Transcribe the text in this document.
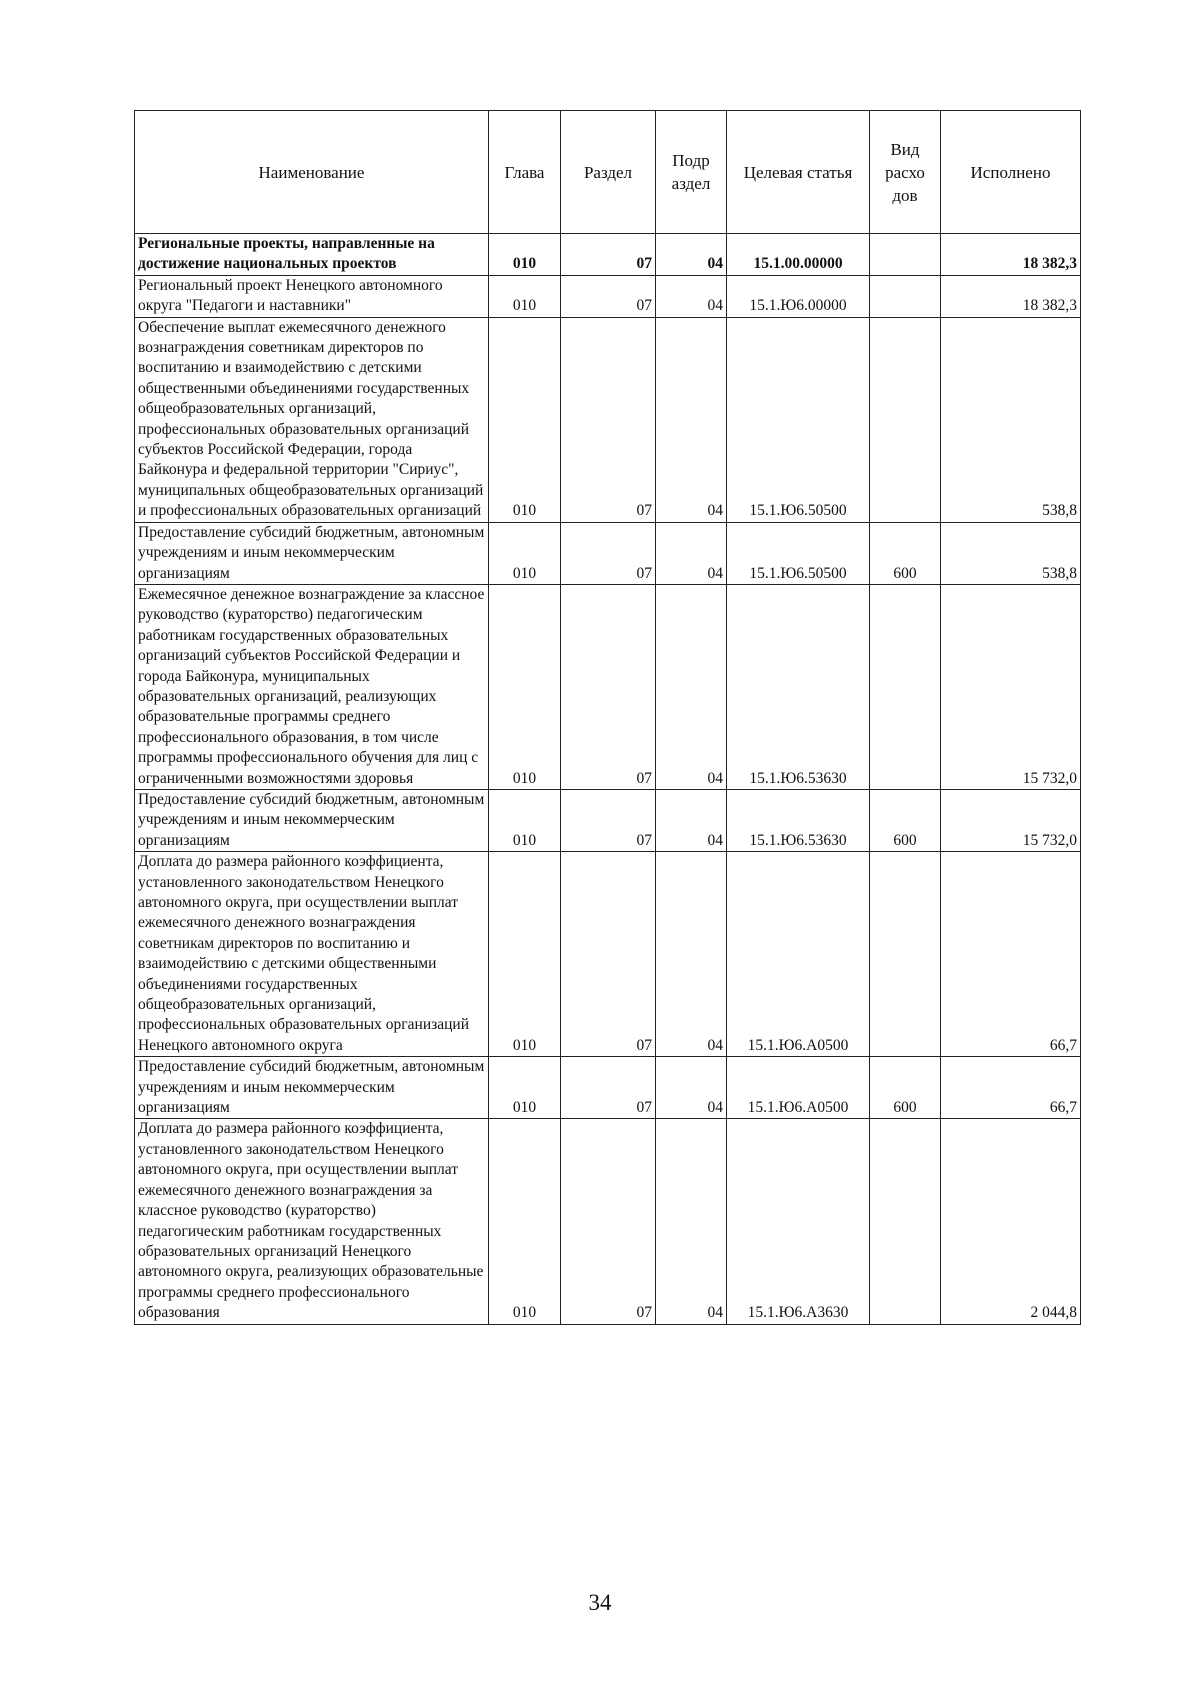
Наименование	Глава	Раздел	Подр аздел	Целевая статья	Вид расхо дов	Исполнено
Региональные проекты, направленные на достижение национальных проектов	010	07	04	15.1.00.00000		18 382,3
Региональный проект Ненецкого автономного округа "Педагоги и наставники"	010	07	04	15.1.Ю6.00000		18 382,3
Обеспечение выплат ежемесячного денежного вознаграждения советникам директоров по воспитанию и взаимодействию с детскими общественными объединениями государственных общеобразовательных организаций, профессиональных образовательных организаций субъектов Российской Федерации, города Байконура и федеральной территории "Сириус", муниципальных общеобразовательных организаций и профессиональных образовательных организаций	010	07	04	15.1.Ю6.50500		538,8
Предоставление субсидий бюджетным, автономным учреждениям и иным некоммерческим организациям	010	07	04	15.1.Ю6.50500	600	538,8
Ежемесячное денежное вознаграждение за классное руководство (кураторство) педагогическим работникам государственных образовательных организаций субъектов Российской Федерации и города Байконура, муниципальных образовательных организаций, реализующих образовательные программы среднего профессионального образования, в том числе программы профессионального обучения для лиц с ограниченными возможностями здоровья	010	07	04	15.1.Ю6.53630		15 732,0
Предоставление субсидий бюджетным, автономным учреждениям и иным некоммерческим организациям	010	07	04	15.1.Ю6.53630	600	15 732,0
Доплата до размера районного коэффициента, установленного законодательством Ненецкого автономного округа, при осуществлении выплат ежемесячного денежного вознаграждения советникам директоров по воспитанию и взаимодействию с детскими общественными объединениями государственных общеобразовательных организаций, профессиональных образовательных организаций Ненецкого автономного округа	010	07	04	15.1.Ю6.А0500		66,7
Предоставление субсидий бюджетным, автономным учреждениям и иным некоммерческим организациям	010	07	04	15.1.Ю6.А0500	600	66,7
Доплата до размера районного коэффициента, установленного законодательством Ненецкого автономного округа, при осуществлении выплат ежемесячного денежного вознаграждения за классное руководство (кураторство) педагогическим работникам государственных образовательных организаций Ненецкого автономного округа, реализующих образовательные программы среднего профессионального образования	010	07	04	15.1.Ю6.А3630		2 044,8
34
